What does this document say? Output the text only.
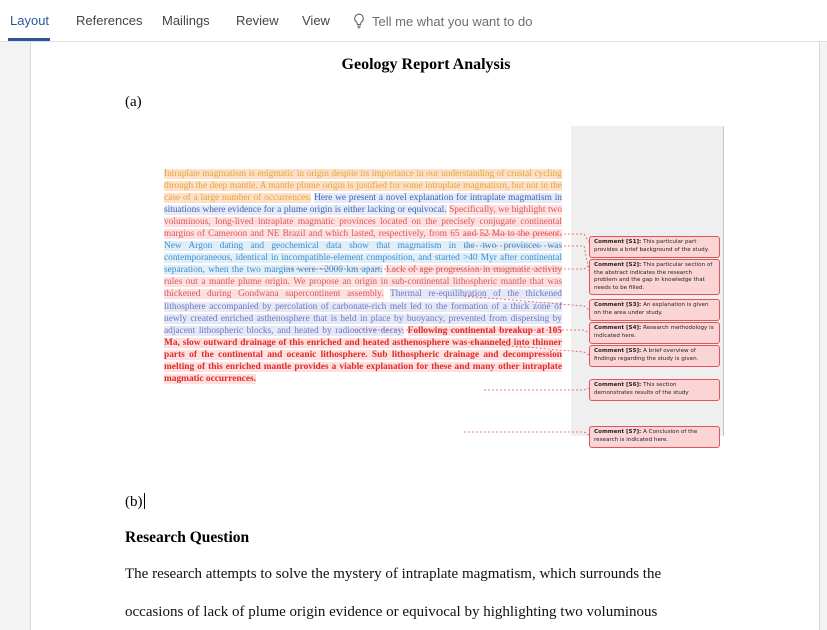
Layout References Mailings Review View	Tell me what you want to do
Geology Report Analysis
(a)
Intraplate magmatism is enigmatic in origin despite its importance in our understanding of crustal cycling through the deep mantle. A mantle plume origin is justified for some intraplate magmatism, but not in the case of a large number of occurrences. Here we present a novel explanation for intraplate magmatism in situations where evidence for a plume origin is either lacking or equivocal. Specifically, we highlight two voluminous, long-lived intraplate magmatic provinces located on the precisely conjugate continental margins of Cameroon and NE Brazil and which lasted, respectively, from 65 and 52 Ma to the present. New Argon dating and geochemical data show that magmatism in the two provinces was contemporaneous, identical in incompatible-element composition, and started >40 Myr after continental separation, when the two margins were ~2000 km apart. Lack of age progression in magmatic activity rules out a mantle plume origin. We propose an origin in sub-continental lithospheric mantle that was thickened during Gondwana supercontinent assembly. Thermal re-equilibration of the thickened lithosphere accompanied by percolation of carbonate-rich melt led to the formation of a thick zone of newly created enriched asthenosphere that is held in place by buoyancy, prevented from dispersing by adjacent lithospheric blocks, and heated by radioactive decay. Following continental breakup at 105 Ma, slow outward drainage of this enriched and heated asthenosphere was channeled into thinner parts of the continental and oceanic lithosphere. Sub lithospheric drainage and decompression melting of this enriched mantle provides a viable explanation for these and many other intraplate magmatic occurrences.
Comment [S1]: This particular part provides a brief background of the study.
Comment [S2]: This particular section of the abstract indicates the research problem and the gap in knowledge that needs to be filled.
Comment [S3]: An explanation is given on the area under study.
Comment [S4]: Research methodology is indicated here.
Comment [S5]: A brief overview of findings regarding the study is given.
Comment [S6]: This section demonstrates results of the study
Comment [S7]: A Conclusion of the research is indicated here.
(b)
Research Question
The research attempts to solve the mystery of intraplate magmatism, which surrounds the
occasions of lack of plume origin evidence or equivocal by highlighting two voluminous
